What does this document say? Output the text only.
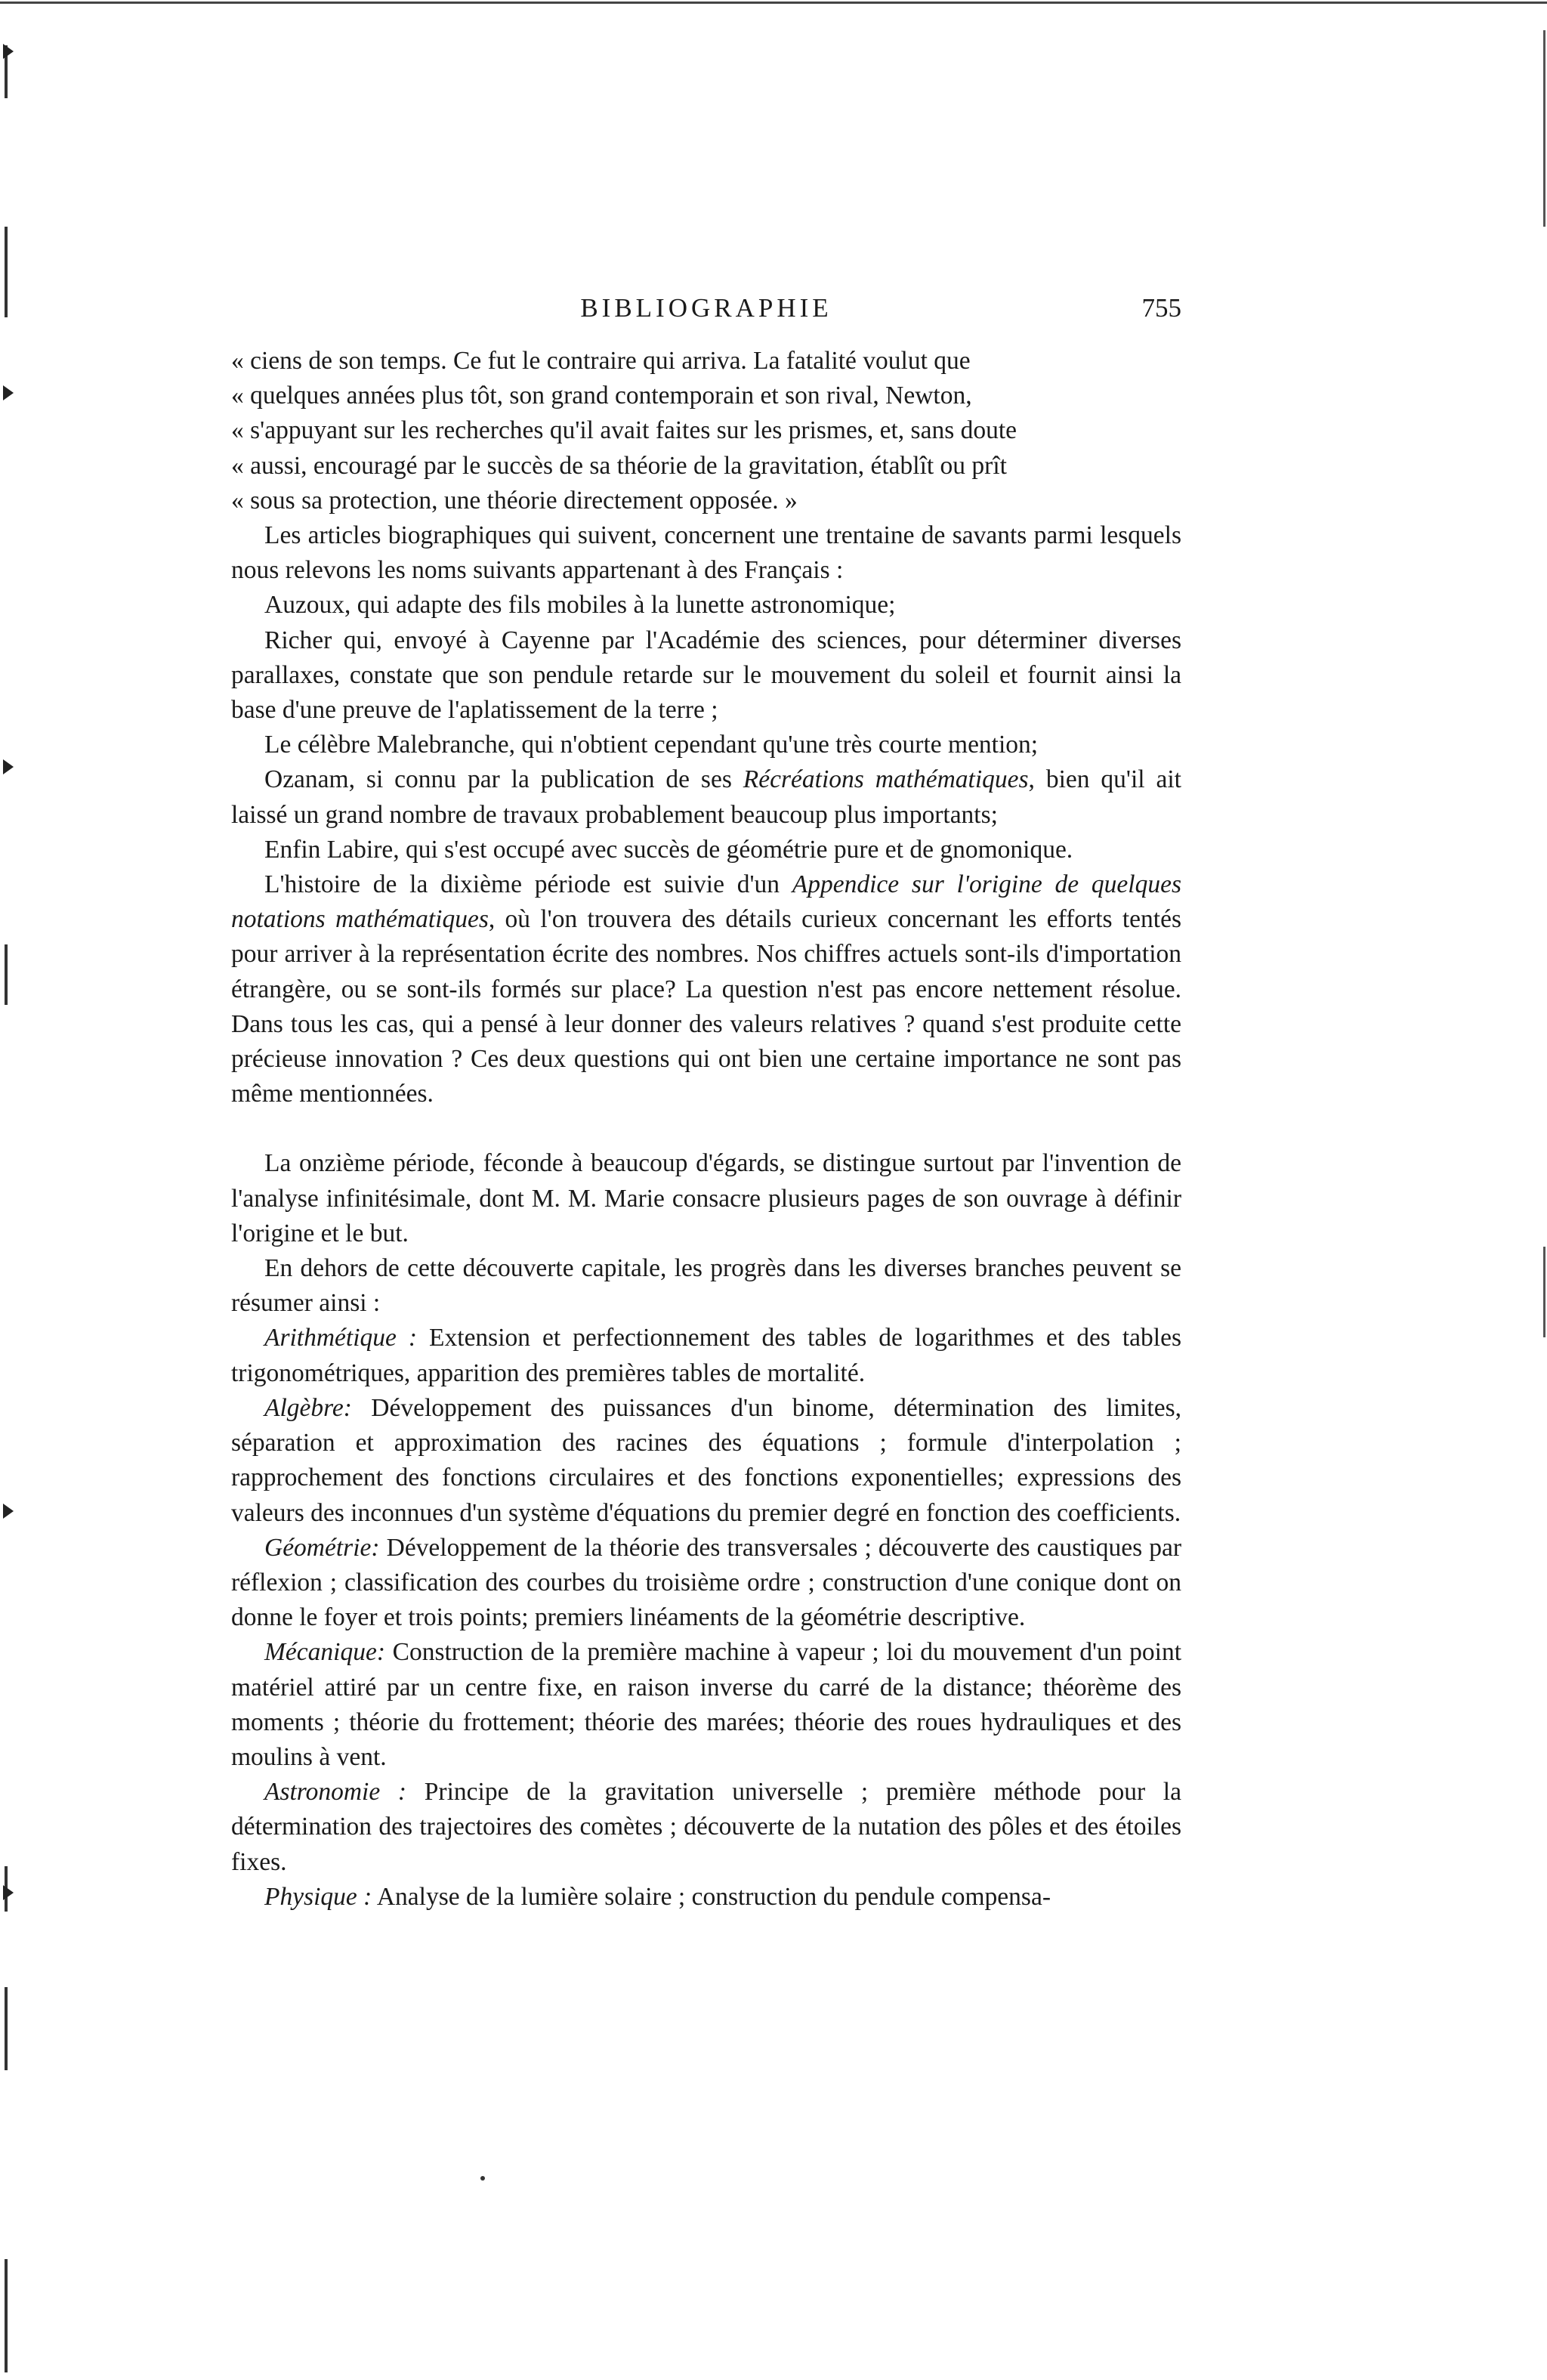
BIBLIOGRAPHIE	755

« ciens de son temps. Ce fut le contraire qui arriva. La fatalité voulut que

« quelques années plus tôt, son grand contemporain et son rival, Newton,

« s'appuyant sur les recherches qu'il avait faites sur les prismes, et, sans doute

« aussi, encouragé par le succès de sa théorie de la gravitation, établît ou prît

« sous sa protection, une théorie directement opposée. »

Les articles biographiques qui suivent, concernent une trentaine de savants parmi lesquels nous relevons les noms suivants appartenant à des Français :

Auzoux, qui adapte des fils mobiles à la lunette astronomique;

Richer qui, envoyé à Cayenne par l'Académie des sciences, pour déterminer diverses parallaxes, constate que son pendule retarde sur le mouvement du soleil et fournit ainsi la base d'une preuve de l'aplatissement de la terre ;

Le célèbre Malebranche, qui n'obtient cependant qu'une très courte mention;

Ozanam, si connu par la publication de ses Récréations mathématiques, bien qu'il ait laissé un grand nombre de travaux probablement beaucoup plus importants;

Enfin Labire, qui s'est occupé avec succès de géométrie pure et de gnomonique.

L'histoire de la dixième période est suivie d'un Appendice sur l'origine de quelques notations mathématiques, où l'on trouvera des détails curieux concernant les efforts tentés pour arriver à la représentation écrite des nombres. Nos chiffres actuels sont-ils d'importation étrangère, ou se sont-ils formés sur place? La question n'est pas encore nettement résolue. Dans tous les cas, qui a pensé à leur donner des valeurs relatives ? quand s'est produite cette précieuse innovation ? Ces deux questions qui ont bien une certaine importance ne sont pas même mentionnées.

La onzième période, féconde à beaucoup d'égards, se distingue surtout par l'invention de l'analyse infinitésimale, dont M. M. Marie consacre plusieurs pages de son ouvrage à définir l'origine et le but.

En dehors de cette découverte capitale, les progrès dans les diverses branches peuvent se résumer ainsi :

Arithmétique : Extension et perfectionnement des tables de logarithmes et des tables trigonométriques, apparition des premières tables de mortalité.

Algèbre: Développement des puissances d'un binome, détermination des limites, séparation et approximation des racines des équations ; formule d'interpolation ; rapprochement des fonctions circulaires et des fonctions exponentielles; expressions des valeurs des inconnues d'un système d'équations du premier degré en fonction des coefficients.

Géométrie: Développement de la théorie des transversales ; découverte des caustiques par réflexion ; classification des courbes du troisième ordre ; construction d'une conique dont on donne le foyer et trois points; premiers linéaments de la géométrie descriptive.

Mécanique: Construction de la première machine à vapeur ; loi du mouvement d'un point matériel attiré par un centre fixe, en raison inverse du carré de la distance; théorème des moments ; théorie du frottement; théorie des marées; théorie des roues hydrauliques et des moulins à vent.

Astronomie : Principe de la gravitation universelle ; première méthode pour la détermination des trajectoires des comètes ; découverte de la nutation des pôles et des étoiles fixes.

Physique : Analyse de la lumière solaire ; construction du pendule compensa-
